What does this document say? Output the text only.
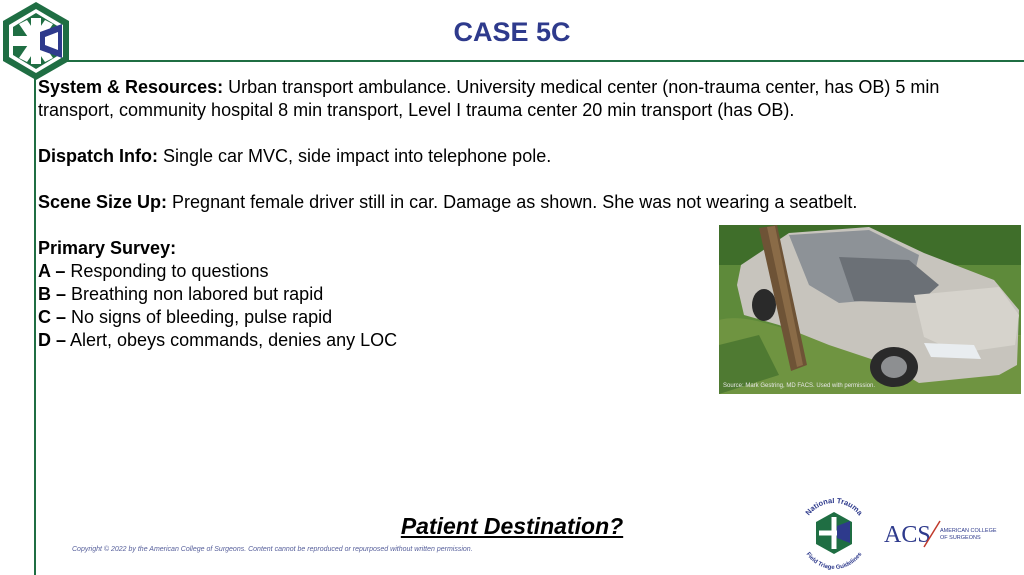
CASE 5C

System & Resources: Urban transport ambulance. University medical center (non-trauma center, has OB) 5 min transport, community hospital 8 min transport, Level I trauma center 20 min transport (has OB).

Dispatch Info: Single car MVC, side impact into telephone pole.

Scene Size Up: Pregnant female driver still in car. Damage as shown. She was not wearing a seatbelt.

Primary Survey:

A – Responding to questions

B – Breathing non labored but rapid

C – No signs of bleeding, pulse rapid

D – Alert, obeys commands, denies any LOC

Source: Mark Gestring, MD FACS. Used with permission.
Patient Destination?
Copyright © 2022 by the American College of Surgeons. Content cannot be reproduced or repurposed without written permission.
National Trauma
Field Triage Guidelines
ACS AMERICAN COLLEGE
OF SURGEONS
